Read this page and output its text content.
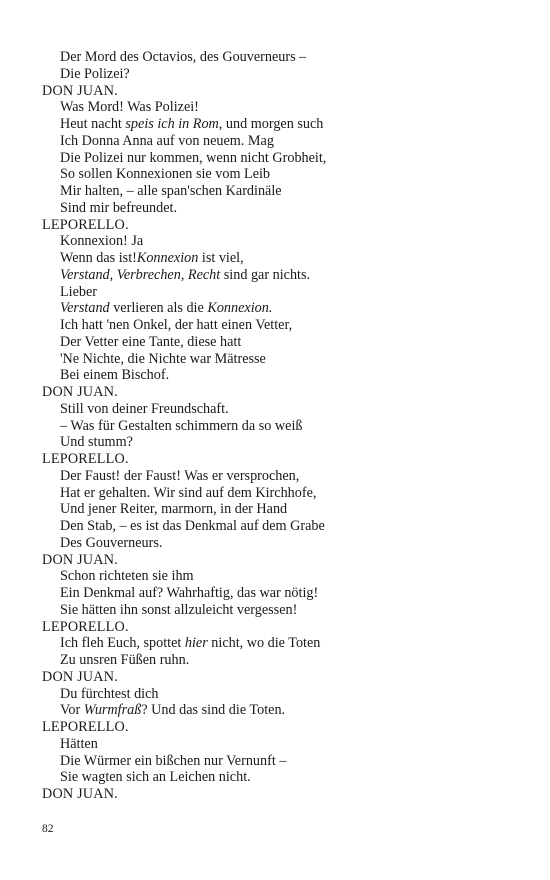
Der Mord des Octavios, des Gouverneurs –
Die Polizei?
DON JUAN.
Was Mord! Was Polizei!
Heut nacht speis ich in Rom, und morgen such
Ich Donna Anna auf von neuem. Mag
Die Polizei nur kommen, wenn nicht Grobheit,
So sollen Konnexionen sie vom Leib
Mir halten, – alle span'schen Kardinäle
Sind mir befreundet.
LEPORELLO.
Konnexion! Ja
Wenn das ist!Konnexion ist viel,
Verstand, Verbrechen, Recht sind gar nichts.
Lieber
Verstand verlieren als die Konnexion.
Ich hatt 'nen Onkel, der hatt einen Vetter,
Der Vetter eine Tante, diese hatt
'Ne Nichte, die Nichte war Mätresse
Bei einem Bischof.
DON JUAN.
Still von deiner Freundschaft.
– Was für Gestalten schimmern da so weiß
Und stumm?
LEPORELLO.
Der Faust! der Faust! Was er versprochen,
Hat er gehalten. Wir sind auf dem Kirchhofe,
Und jener Reiter, marmorn, in der Hand
Den Stab, – es ist das Denkmal auf dem Grabe
Des Gouverneurs.
DON JUAN.
Schon richteten sie ihm
Ein Denkmal auf? Wahrhaftig, das war nötig!
Sie hätten ihn sonst allzuleicht vergessen!
LEPORELLO.
Ich fleh Euch, spottet hier nicht, wo die Toten
Zu unsren Füßen ruhn.
DON JUAN.
Du fürchtest dich
Vor Wurmfraß? Und das sind die Toten.
LEPORELLO.
Hätten
Die Würmer ein bißchen nur Vernunft –
Sie wagten sich an Leichen nicht.
DON JUAN.
82
